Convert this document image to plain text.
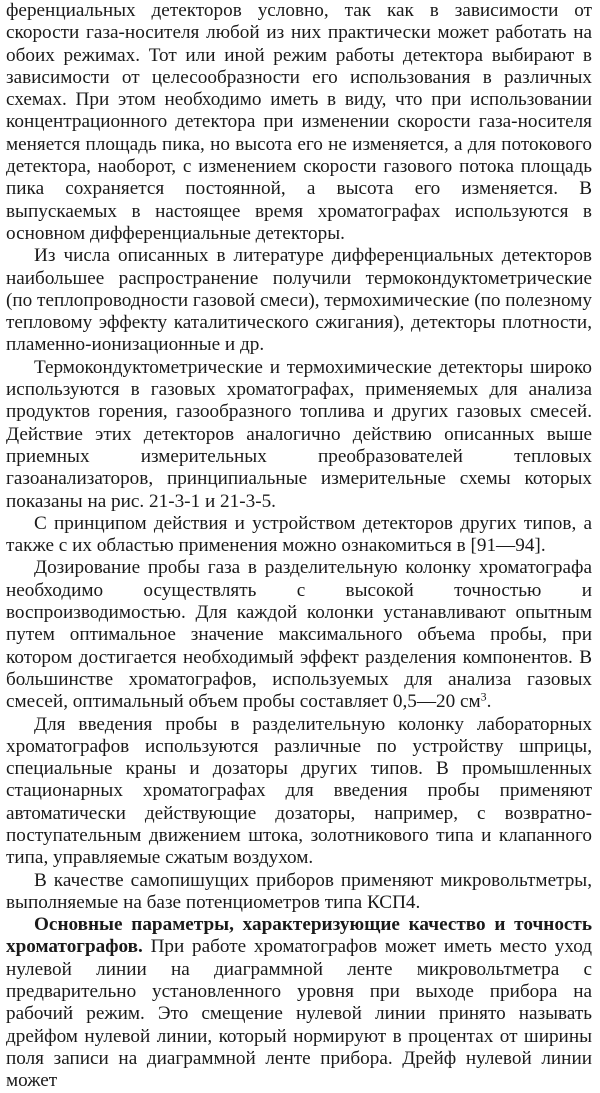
ференциальных детекторов условно, так как в зависимости от скорости газа-носителя любой из них практически может работать на обоих режимах. Тот или иной режим работы детектора выбирают в зависимости от целесообразности его использования в различных схемах. При этом необходимо иметь в виду, что при использовании концентрационного детектора при изменении скорости газа-носителя меняется площадь пика, но высота его не изменяется, а для потокового детектора, наоборот, с изменением скорости газового потока площадь пика сохраняется постоянной, а высота его изменяется. В выпускаемых в настоящее время хроматографах используются в основном дифференциальные детекторы.

Из числа описанных в литературе дифференциальных детекторов наибольшее распространение получили термокондуктометрические (по теплопроводности газовой смеси), термохимические (по полезному тепловому эффекту каталитического сжигания), детекторы плотности, пламенно-ионизационные и др.

Термокондуктометрические и термохимические детекторы широко используются в газовых хроматографах, применяемых для анализа продуктов горения, газообразного топлива и других газовых смесей. Действие этих детекторов аналогично действию описанных выше приемных измерительных преобразователей тепловых газоанализаторов, принципиальные измерительные схемы которых показаны на рис. 21-3-1 и 21-3-5.

С принципом действия и устройством детекторов других типов, а также с их областью применения можно ознакомиться в [91—94].

Дозирование пробы газа в разделительную колонку хроматографа необходимо осуществлять с высокой точностью и воспроизводимостью. Для каждой колонки устанавливают опытным путем оптимальное значение максимального объема пробы, при котором достигается необходимый эффект разделения компонентов. В большинстве хроматографов, используемых для анализа газовых смесей, оптимальный объем пробы составляет 0,5—20 $см^3$.

Для введения пробы в разделительную колонку лабораторных хроматографов используются различные по устройству шприцы, специальные краны и дозаторы других типов. В промышленных стационарных хроматографах для введения пробы применяют автоматически действующие дозаторы, например, с возвратно-поступательным движением штока, золотникового типа и клапанного типа, управляемые сжатым воздухом.

В качестве самопишущих приборов применяют микровольтметры, выполняемые на базе потенциометров типа КСП4.

Основные параметры, характеризующие качество и точность хроматографов. При работе хроматографов может иметь место уход нулевой линии на диаграммной ленте микровольтметра с предварительно установленного уровня при выходе прибора на рабочий режим. Это смещение нулевой линии принято называть дрейфом нулевой линии, который нормируют в процентах от ширины поля записи на диаграммной ленте прибора. Дрейф нулевой линии может
